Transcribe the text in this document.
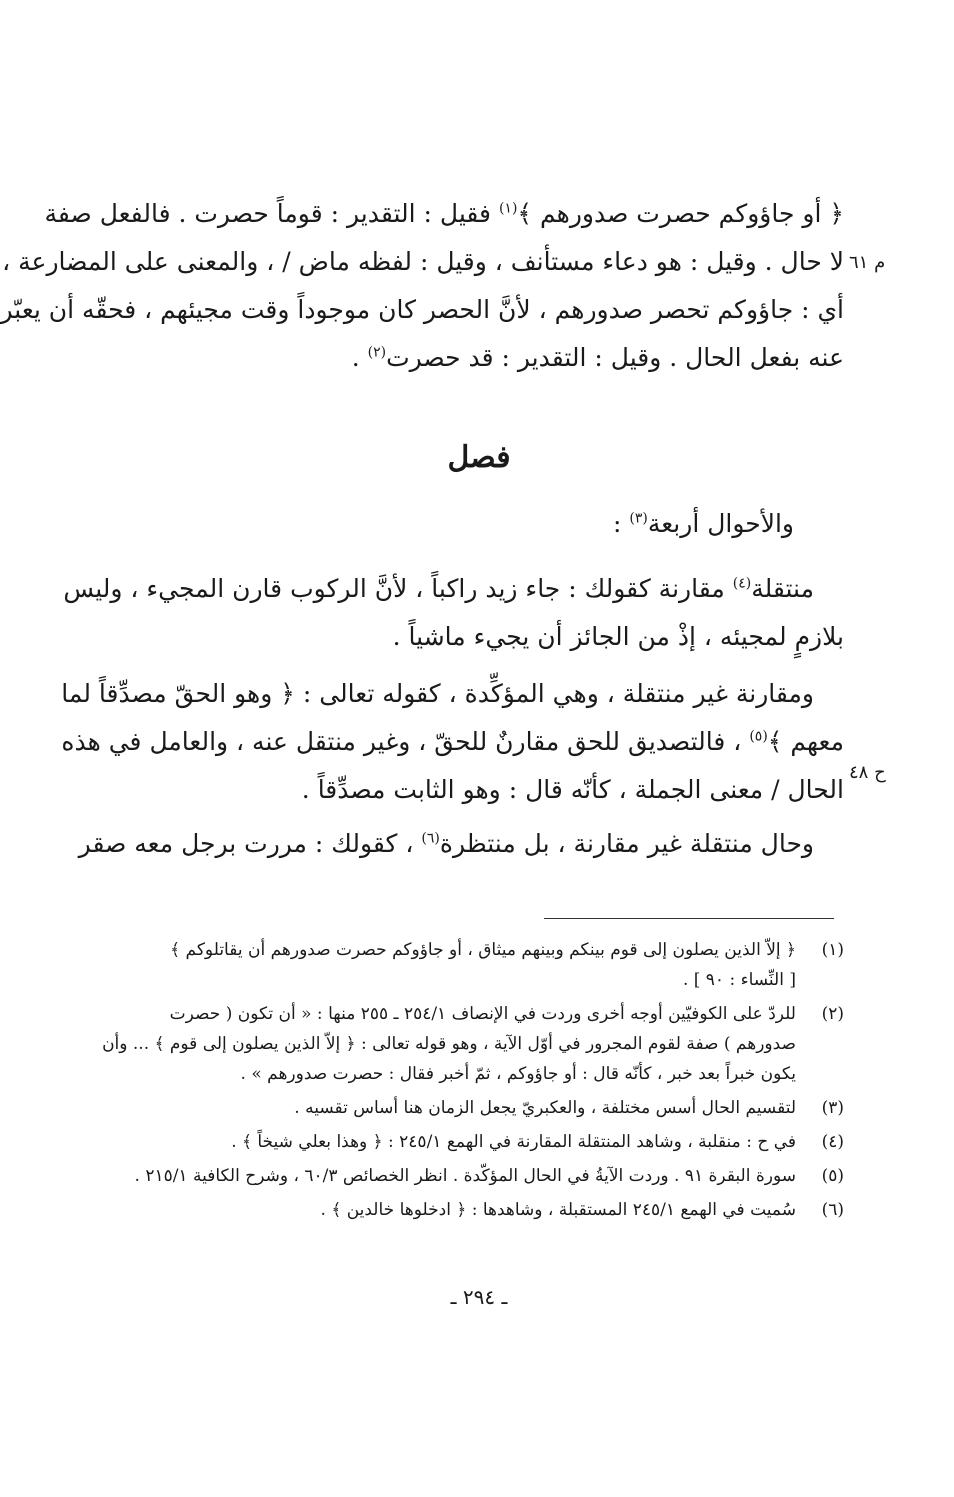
م ٦١
ح ٤٨
﴿ أو جاؤوكم حصرت صدورهم ﴾$^{(١)}$ فقيل : التقدير : قوماً حصرت . فالفعل صفة
لا حال . وقيل : هو دعاء مستأنف ، وقيل : لفظه ماض / ، والمعنى على المضارعة ،
أي : جاؤوكم تحصر صدورهم ، لأنَّ الحصر كان موجوداً وقت مجيئهم ، فحقّه أن يعبّر
عنه بفعل الحال . وقيل : التقدير : قد حصرت$^{(٢)}$ .
فصل
والأحوال أربعة$^{(٣)}$ :
منتقلة$^{(٤)}$ مقارنة كقولك : جاء زيد راكباً ، لأنَّ الركوب قارن المجيء ، وليس
بلازمٍ لمجيئه ، إذْ من الجائز أن يجيء ماشياً .
ومقارنة غير منتقلة ، وهي المؤكِّدة ، كقوله تعالى : ﴿ وهو الحقّ مصدِّقاً لما
معهم ﴾$^{(٥)}$ ، فالتصديق للحق مقارنٌ للحقّ ، وغير منتقل عنه ، والعامل في هذه
الحال / معنى الجملة ، كأنّه قال : وهو الثابت مصدِّقاً .
وحال منتقلة غير مقارنة ، بل منتظرة$^{(٦)}$ ، كقولك : مررت برجل معه صقر
(١)
﴿ إلاّ الذين يصلون إلى قوم بينكم وبينهم ميثاق ، أو جاؤوكم حصرت صدورهم أن يقاتلوكم ﴾
[ النِّساء : ٩٠ ] .
(٢)
للردّ على الكوفيّين أوجه أخرى وردت في الإنصاف ٢٥٤/١ ـ ٢٥٥ منها : « أن تكون ( حصرت
صدورهم ) صفة لقوم المجرور في أوّل الآية ، وهو قوله تعالى : ﴿ إلاّ الذين يصلون إلى قوم ﴾ ... وأن
يكون خبراً بعد خبر ، كأنّه قال : أو جاؤوكم ، ثمّ أخبر فقال : حصرت صدورهم » .
(٣)
لتقسيم الحال أسس مختلفة ، والعكبريّ يجعل الزمان هنا أساس تقسيه .
(٤)
في ح : منقلبة ، وشاهد المنتقلة المقارنة في الهمع ٢٤٥/١ : ﴿ وهذا بعلي شيخاً ﴾ .
(٥)
سورة البقرة ٩١ . وردت الآيةُ في الحال المؤكّدة . انظر الخصائص ٦٠/٣ ، وشرح الكافية ٢١٥/١ .
(٦)
سُميت في الهمع ٢٤٥/١ المستقبلة ، وشاهدها : ﴿ ادخلوها خالدين ﴾ .
ـ ٢٩٤ ـ
